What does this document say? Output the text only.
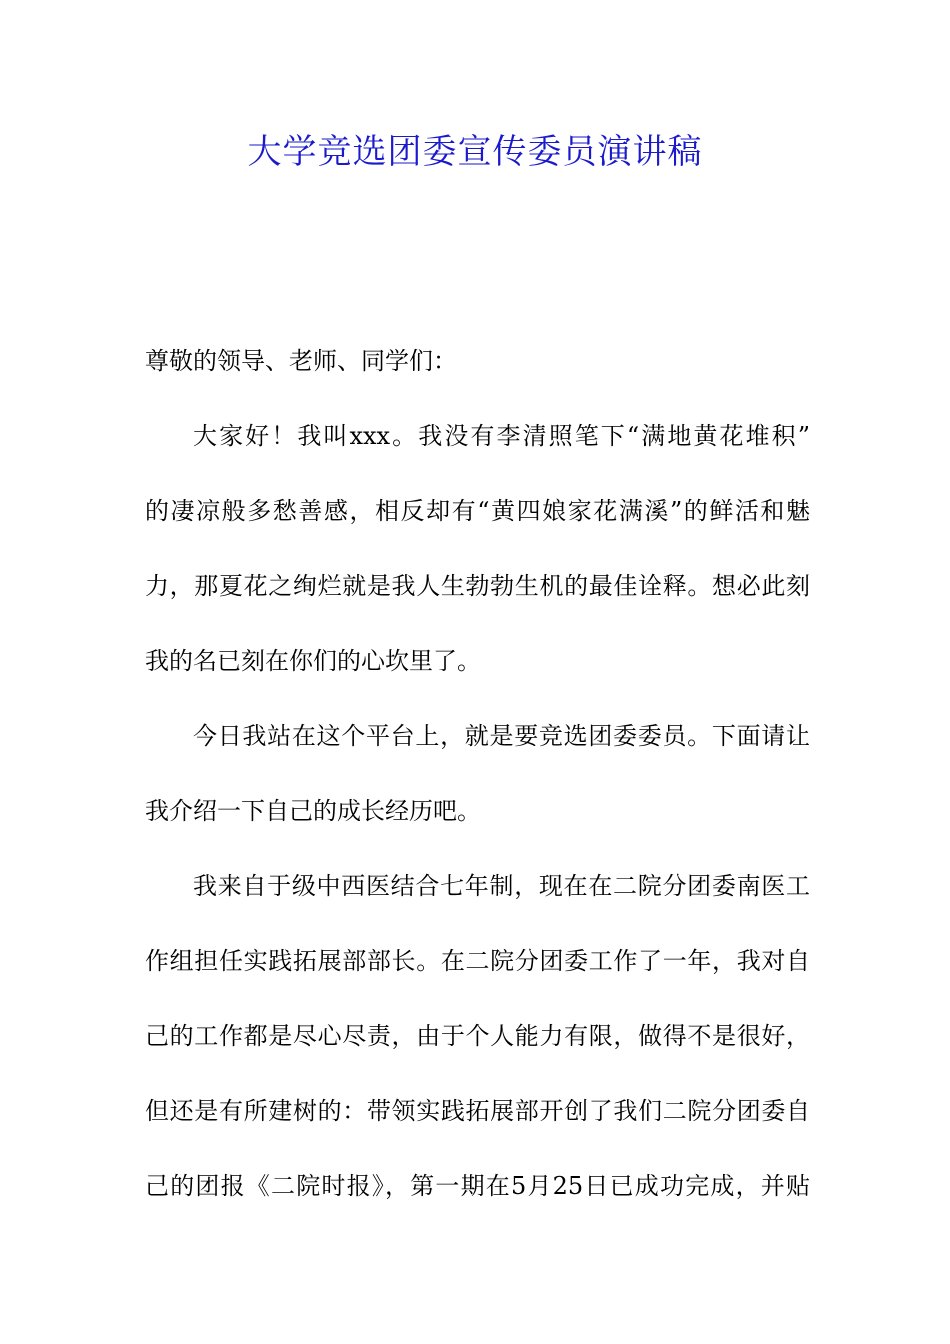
大学竞选团委宣传委员演讲稿
尊敬的领导、老师、同学们：
大家好！我叫xxx。我没有李清照笔下“满地黄花堆积”
的凄凉般多愁善感，相反却有“黄四娘家花满溪”的鲜活和魅
力，那夏花之绚烂就是我人生勃勃生机的最佳诠释。想必此刻
我的名已刻在你们的心坎里了。
今日我站在这个平台上，就是要竞选团委委员。下面请让
我介绍一下自己的成长经历吧。
我来自于级中西医结合七年制，现在在二院分团委南医工
作组担任实践拓展部部长。在二院分团委工作了一年，我对自
己的工作都是尽心尽责，由于个人能力有限，做得不是很好，
但还是有所建树的：带领实践拓展部开创了我们二院分团委自
己的团报《二院时报》，第一期在5月25日已成功完成，并贴
